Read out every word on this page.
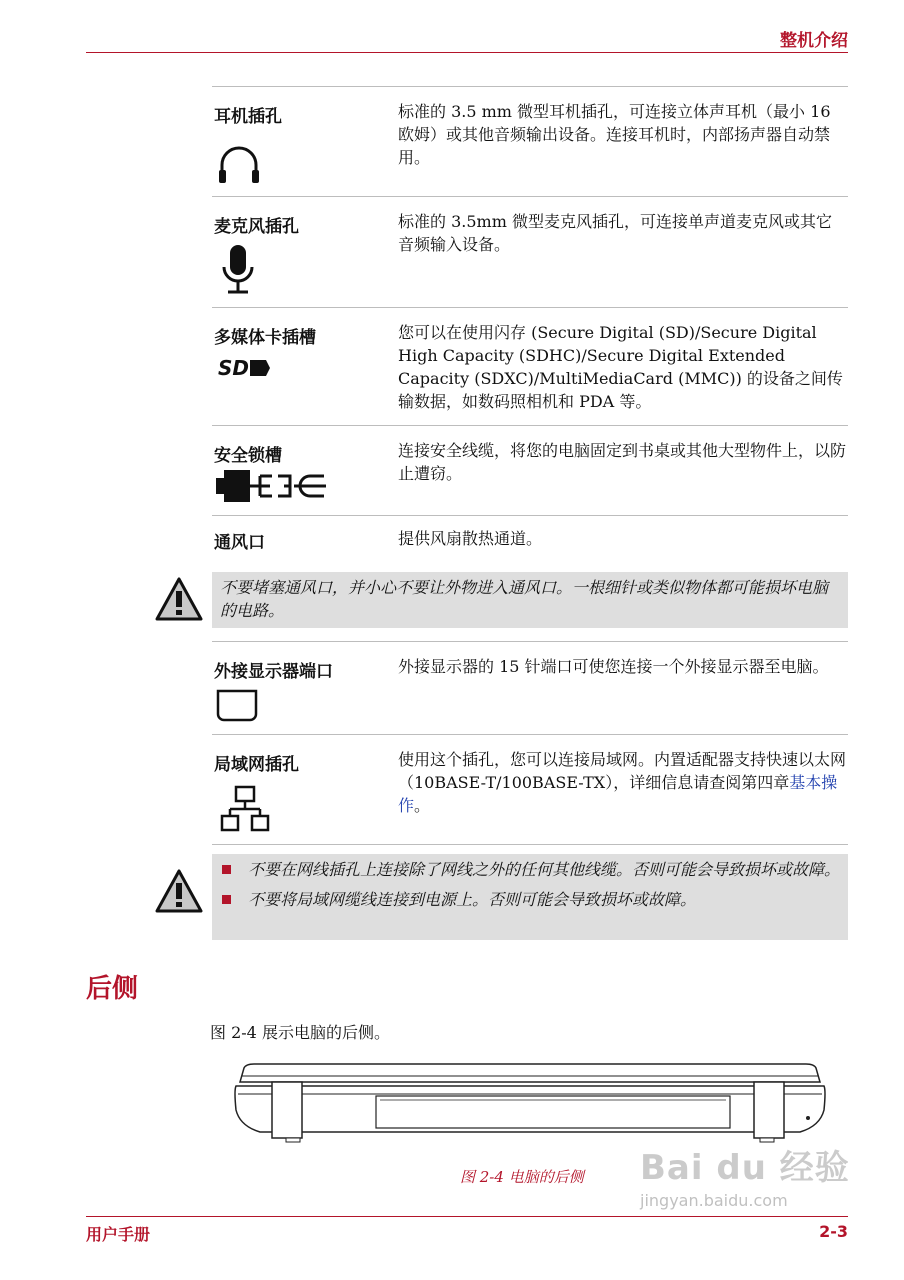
整机介绍
耳机插孔	标准的 3.5 mm 微型耳机插孔，可连接立体声耳机（最小 16 欧姆）或其他音频输出设备。连接耳机时，内部扬声器自动禁用。
麦克风插孔	标准的 3.5mm 微型麦克风插孔，可连接单声道麦克风或其它音频输入设备。
多媒体卡插槽	您可以在使用闪存 (Secure Digital (SD)/Secure Digital High Capacity (SDHC)/Secure Digital Extended Capacity (SDXC)/MultiMediaCard (MMC)) 的设备之间传输数据，如数码照相机和 PDA 等。
SD
安全锁槽	连接安全线缆，将您的电脑固定到书桌或其他大型物件上，以防止遭窃。
通风口	提供风扇散热通道。
不要堵塞通风口，并小心不要让外物进入通风口。一根细针或类似物体都可能损坏电脑的电路。
外接显示器端口	外接显示器的 15 针端口可使您连接一个外接显示器至电脑。
局域网插孔	使用这个插孔，您可以连接局域网。内置适配器支持快速以太网 （10BASE-T/100BASE-TX），详细信息请查阅第四章基本操作。
不要在网线插孔上连接除了网线之外的任何其他线缆。否则可能会导致损坏或故障。
不要将局域网缆线连接到电源上。否则可能会导致损坏或故障。
后侧
图 2-4 展示电脑的后侧。
图 2-4 电脑的后侧 Bai du 经验
jingyan.baidu.com
用户手册	2-3
